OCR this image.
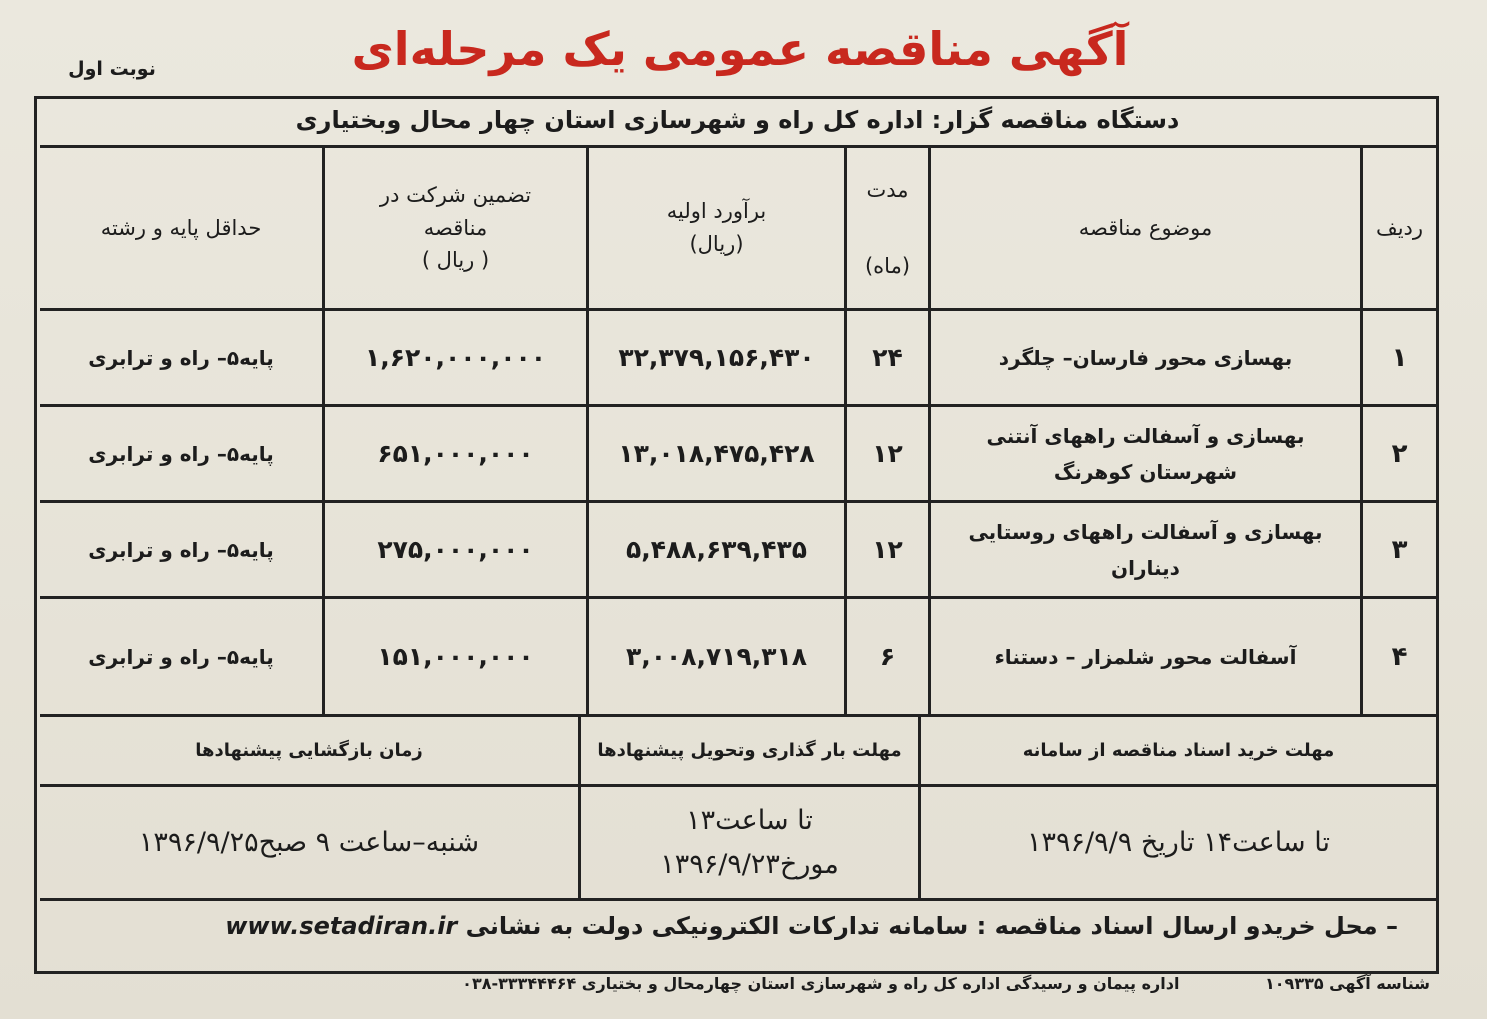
آگهی مناقصه عمومی یک مرحله‌ای
نوبت اول
دستگاه مناقصه گزار: اداره کل راه و شهرسازی استان چهار محال وبختیاری
ردیف
موضوع مناقصه
مدت
(ماه)
برآورد اولیه
(ریال)
تضمین شرکت در
مناقصه
( ریال )
حداقل پایه و رشته
۱
بهسازی محور فارسان– چلگرد
۲۴
۳۲,۳۷۹,۱۵۶,۴۳۰
۱,۶۲۰,۰۰۰,۰۰۰
پایه۵– راه و ترابری
۲
بهسازی و آسفالت راههای آنتنی شهرستان کوهرنگ
۱۲
۱۳,۰۱۸,۴۷۵,۴۲۸
۶۵۱,۰۰۰,۰۰۰
پایه۵– راه و ترابری
۳
بهسازی و آسفالت راههای روستایی دیناران
۱۲
۵,۴۸۸,۶۳۹,۴۳۵
۲۷۵,۰۰۰,۰۰۰
پایه۵– راه و ترابری
۴
آسفالت محور شلمزار – دستناء
۶
۳,۰۰۸,۷۱۹,۳۱۸
۱۵۱,۰۰۰,۰۰۰
پایه۵– راه و ترابری
مهلت خرید اسناد مناقصه از سامانه
مهلت بار گذاری وتحویل پیشنهادها
زمان بازگشایی پیشنهادها
تا ساعت۱۴ تاریخ ۱۳۹۶/۹/۹
تا ساعت۱۳
مورخ۱۳۹۶/۹/۲۳
شنبه–ساعت ۹ صبح۱۳۹۶/۹/۲۵
– محل خریدو ارسال اسناد مناقصه : سامانه تدارکات الکترونیکی دولت به نشانی www.setadiran.ir
شناسه آگهی ۱۰۹۳۳۵ اداره پیمان و رسیدگی اداره کل راه و شهرسازی استان چهارمحال و بختیاری ۳۳۳۴۴۴۶۴-۰۳۸
